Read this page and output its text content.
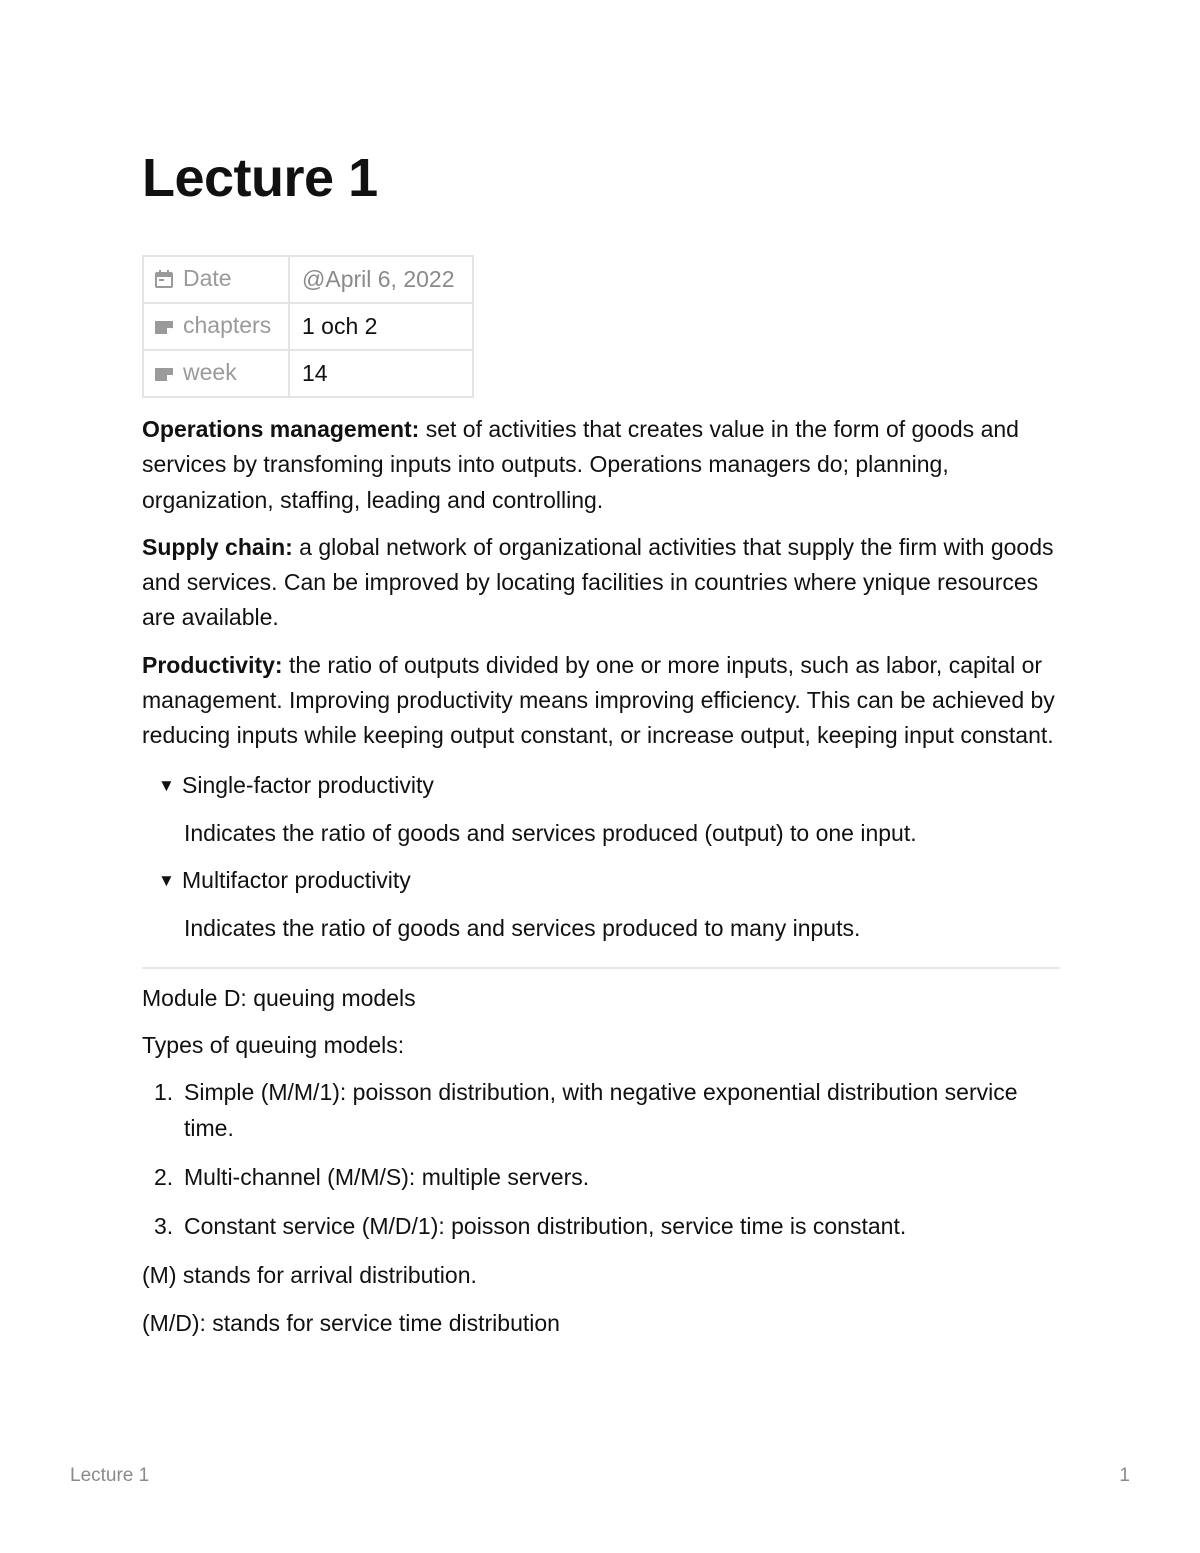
Lecture 1
Date	@April 6, 2022
chapters	1 och 2
week	14

Operations management: set of activities that creates value in the form of goods and services by transfoming inputs into outputs. Operations managers do; planning, organization, staffing, leading and controlling.

Supply chain: a global network of organizational activities that supply the firm with goods and services. Can be improved by locating facilities in countries where ynique resources are available.

Productivity: the ratio of outputs divided by one or more inputs, such as labor, capital or management. Improving productivity means improving efficiency. This can be achieved by reducing inputs while keeping output constant, or increase output, keeping input constant.

▼ Single-factor productivity
Indicates the ratio of goods and services produced (output) to one input.
▼ Multifactor productivity
Indicates the ratio of goods and services produced to many inputs.

Module D: queuing models

Types of queuing models:

1. Simple (M/M/1): poisson distribution, with negative exponential distribution service time.
2. Multi-channel (M/M/S): multiple servers.
3. Constant service (M/D/1): poisson distribution, service time is constant.

(M) stands for arrival distribution.

(M/D): stands for service time distribution

Lecture 1	1
